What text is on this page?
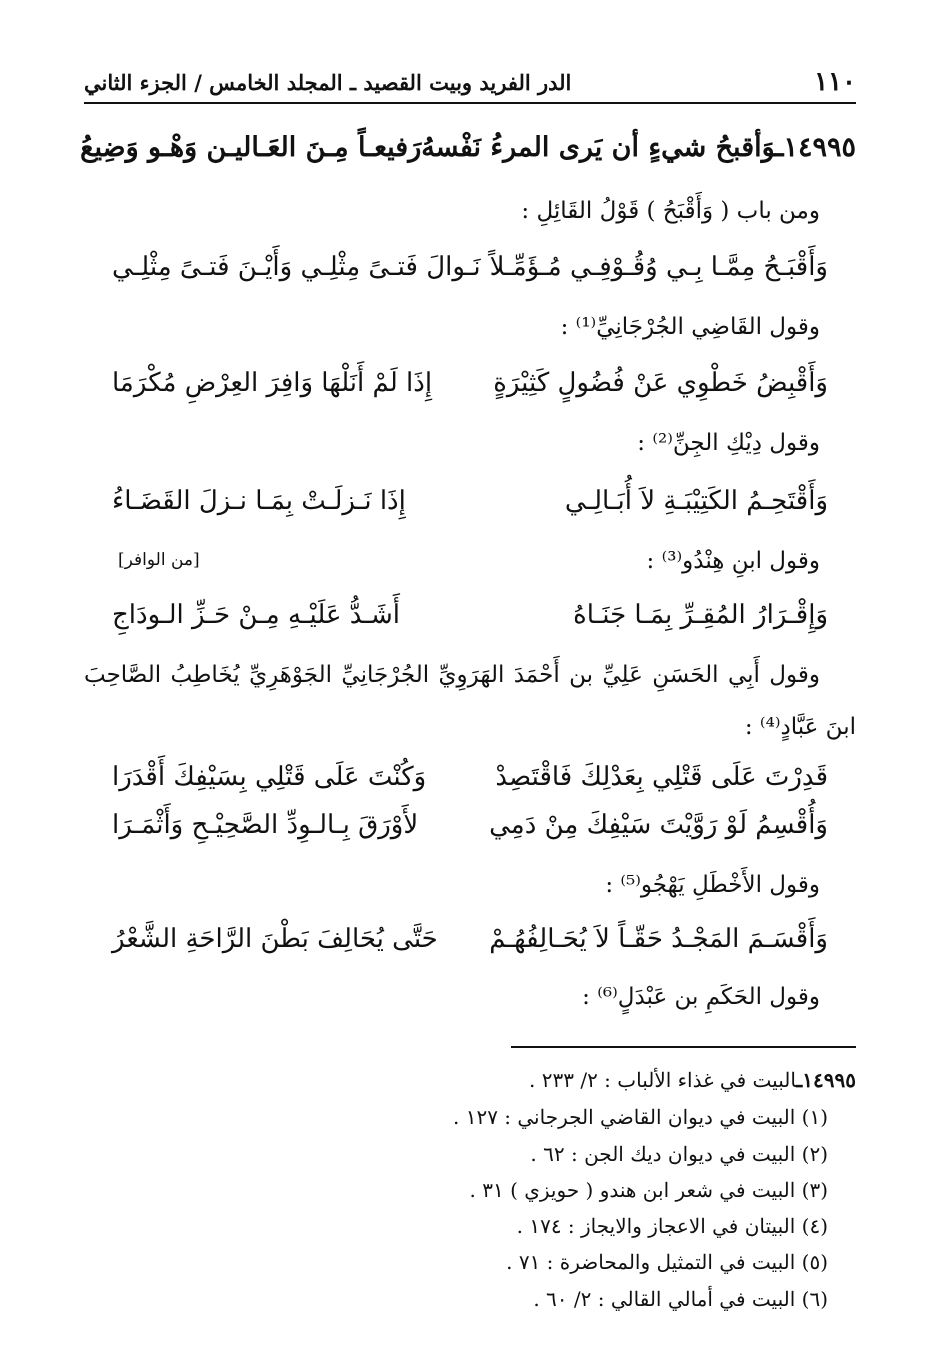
١١٠
الدر الفريد وبيت القصيد ـ المجلد الخامس / الجزء الثاني
١٤٩٩٥ـوَأقبحُ شيءٍ أن يَرى المرءُ نَفْسهُ
رَفيعـاً مِـنَ العَـاليـن وَهْـو وَضِيعُ
ومن باب ( وَأَقْبَحُ ) قَوْلُ القَائِلِ :
وَأَقْبَـحُ مِمَّـا بِـي وُقُـوْفِـي مُـؤَمِّـلاً
نَـوالَ فَتـىً مِثْلِـي وَأَيْـنَ فَتـىً مِثْلِـي
وقول القَاضِي الجُرْجَانِيِّ⁽¹⁾ :
وَأَقْبِضُ خَطْوِي عَنْ فُضُولٍ كَثِيْرَةٍ
إِذَا لَمْ أَنَلْهَا وَافِرَ العِرْضِ مُكْرَمَا
وقول دِيْكِ الجِنِّ⁽²⁾ :
وَأَقْتَحِـمُ الكَتِيْبَـةِ لاَ أُبَـالِـي
إِذَا نَـزلَـتْ بِمَـا نـزلَ القَضَـاءُ
وقول ابنِ هِنْدُو⁽³⁾ :
[من الوافر]
وَإِقْـرَارُ المُقِـرِّ بِمَـا جَنَـاهُ
أَشَـدُّ عَلَيْـهِ مِـنْ حَـزِّ الـودَاجِ
وقول أَبِي الحَسَنِ عَلِيِّ بن أَحْمَدَ الهَرَوِيِّ الجُرْجَانِيِّ الجَوْهَرِيِّ يُخَاطِبُ الصَّاحِبَ
ابنَ عَبَّادٍ⁽⁴⁾ :
قَدِرْتَ عَلَى قَتْلِي بِعَدْلِكَ فَاقْتَصِدْ
وَكُنْتَ عَلَى قَتْلِي بِسَيْفِكَ أَقْدَرَا
وَأُقْسِمُ لَوْ رَوَّيْتَ سَيْفِكَ مِنْ دَمِي
لأَوْرَقَ بِـالـوِدِّ الصَّحِيْـحِ وَأَثْمَـرَا
وقول الأَخْطَلِ يَهْجُو⁽⁵⁾ :
وَأَقْسَـمَ المَجْـدُ حَقّـاً لاَ يُحَـالِفُهُـمْ
حَتَّى يُحَالِفَ بَطْنَ الرَّاحَةِ الشَّعْرُ
وقول الحَكَمِ بن عَبْدَلٍ⁽⁶⁾ :
١٤٩٩٥ـالبيت في غذاء الألباب : ٢/ ٢٣٣ .
(١) البيت في ديوان القاضي الجرجاني : ١٢٧ .
(٢) البيت في ديوان ديك الجن : ٦٢ .
(٣) البيت في شعر ابن هندو ( حويزي ) ٣١ .
(٤) البيتان في الاعجاز والايجاز : ١٧٤ .
(٥) البيت في التمثيل والمحاضرة : ٧١ .
(٦) البيت في أمالي القالي : ٢/ ٦٠ .
